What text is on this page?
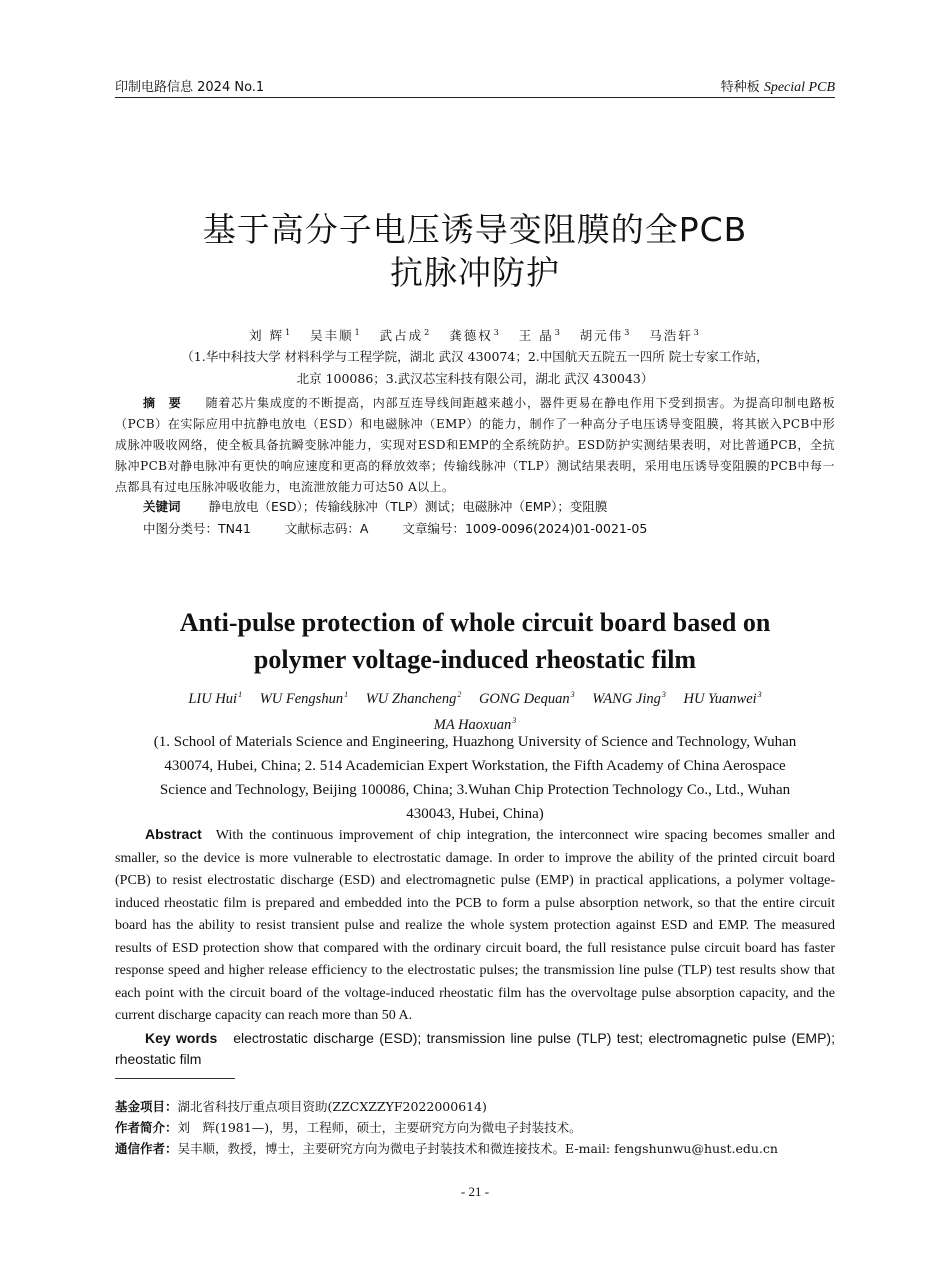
印制电路信息 2024 No.1	特种板 Special PCB
基于高分子电压诱导变阻膜的全PCB
抗脉冲防护
刘 辉$^1$ 吴丰顺$^1$ 武占成$^2$ 龚德权$^3$ 王 晶$^3$ 胡元伟$^3$ 马浩轩$^3$
（1.华中科技大学 材料科学与工程学院，湖北 武汉 430074；2.中国航天五院五一四所 院士专家工作站，
北京 100086；3.武汉芯宝科技有限公司，湖北 武汉 430043）
摘　要 随着芯片集成度的不断提高，内部互连导线间距越来越小，器件更易在静电作用下受到损害。为提高印制电路板（PCB）在实际应用中抗静电放电（ESD）和电磁脉冲（EMP）的能力，制作了一种高分子电压诱导变阻膜，将其嵌入PCB中形成脉冲吸收网络，使全板具备抗瞬变脉冲能力，实现对ESD和EMP的全系统防护。ESD防护实测结果表明，对比普通PCB，全抗脉冲PCB对静电脉冲有更快的响应速度和更高的释放效率；传输线脉冲（TLP）测试结果表明，采用电压诱导变阻膜的PCB中每一点都具有过电压脉冲吸收能力，电流泄放能力可达50 A以上。
关键词 静电放电（ESD）；传输线脉冲（TLP）测试；电磁脉冲（EMP）；变阻膜
中图分类号：TN41	文献标志码：A	文章编号：1009-0096(2024)01-0021-05
Anti-pulse protection of whole circuit board based on
polymer voltage-induced rheostatic film
LIU Hui$^1$ WU Fengshun$^1$ WU Zhancheng$^2$ GONG Dequan$^3$ WANG Jing$^3$ HU Yuanwei$^3$
MA Haoxuan$^3$
(1. School of Materials Science and Engineering, Huazhong University of Science and Technology, Wuhan
430074, Hubei, China; 2. 514 Academician Expert Workstation, the Fifth Academy of China Aerospace
Science and Technology, Beijing 100086, China; 3.Wuhan Chip Protection Technology Co., Ltd., Wuhan
430043, Hubei, China)
Abstract With the continuous improvement of chip integration, the interconnect wire spacing becomes smaller and smaller, so the device is more vulnerable to electrostatic damage. In order to improve the ability of the printed circuit board (PCB) to resist electrostatic discharge (ESD) and electromagnetic pulse (EMP) in practical applications, a polymer voltage-induced rheostatic film is prepared and embedded into the PCB to form a pulse absorption network, so that the entire circuit board has the ability to resist transient pulse and realize the whole system protection against ESD and EMP. The measured results of ESD protection show that compared with the ordinary circuit board, the full resistance pulse circuit board has faster response speed and higher release efficiency to the electrostatic pulses; the transmission line pulse (TLP) test results show that each point with the circuit board of the voltage-induced rheostatic film has the overvoltage pulse absorption capacity, and the current discharge capacity can reach more than 50 A.
Key words electrostatic discharge (ESD); transmission line pulse (TLP) test; electromagnetic pulse (EMP); rheostatic film
基金项目：湖北省科技厅重点项目资助(ZZCXZZYF2022000614)
作者简介：刘　辉(1981—)，男，工程师，硕士，主要研究方向为微电子封装技术。
通信作者：吴丰顺，教授，博士，主要研究方向为微电子封装技术和微连接技术。E-mail: fengshunwu@hust.edu.cn
- 21 -
